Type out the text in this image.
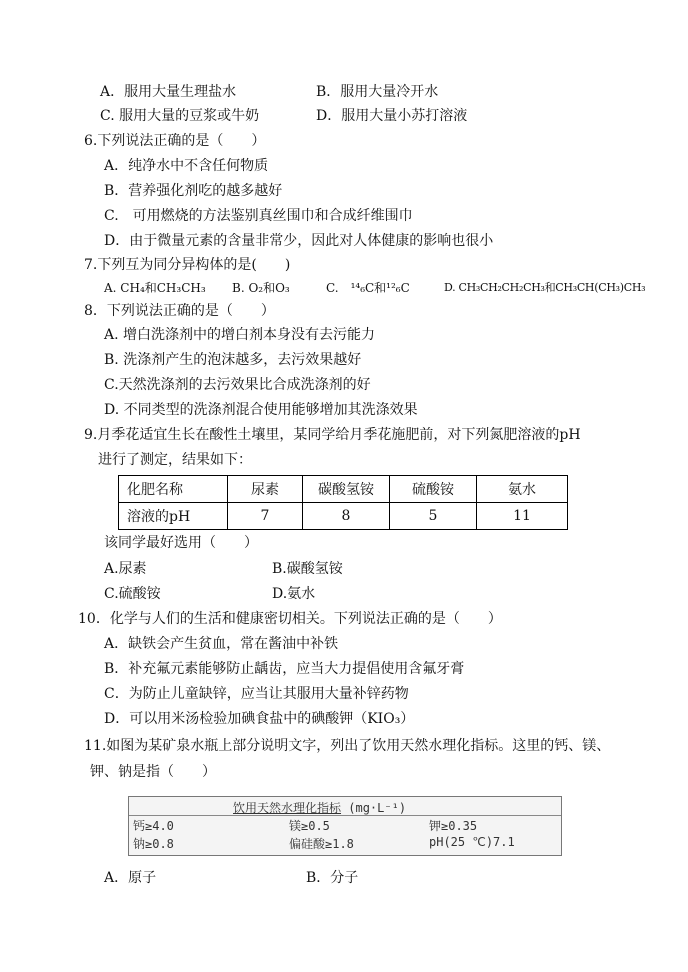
A．服用大量生理盐水	B．服用大量冷开水
C. 服用大量的豆浆或牛奶	D．服用大量小苏打溶液
6.下列说法正确的是（　　）
A．纯净水中不含任何物质
B．营养强化剂吃的越多越好
C.　可用燃烧的方法鉴别真丝围巾和合成纤维围巾
D．由于微量元素的含量非常少，因此对人体健康的影响也很小
7.下列互为同分异构体的是(　　)
A. CH₄和CH₃CH₃ B. O₂和O₃	C.　¹⁴₆C和¹²₆C	D. CH₃CH₂CH₂CH₃和CH₃CH(CH₃)CH₃
8．下列说法正确的是（　　）
A. 增白洗涤剂中的增白剂本身没有去污能力
B. 洗涤剂产生的泡沫越多，去污效果越好
C.天然洗涤剂的去污效果比合成洗涤剂的好
D. 不同类型的洗涤剂混合使用能够增加其洗涤效果
9.月季花适宜生长在酸性土壤里，某同学给月季花施肥前，对下列氮肥溶液的pH
进行了测定，结果如下：
化肥名称	尿素	碳酸氢铵	硫酸铵	氨水
溶液的pH	7	8	5	11
该同学最好选用（　　）
A.尿素	B.碳酸氢铵
C.硫酸铵	D.氨水
10．化学与人们的生活和健康密切相关。下列说法正确的是（　　）
A．缺铁会产生贫血，常在酱油中补铁
B．补充氟元素能够防止龋齿，应当大力提倡使用含氟牙膏
C．为防止儿童缺锌，应当让其服用大量补锌药物
D．可以用米汤检验加碘食盐中的碘酸钾（KIO₃）
11.如图为某矿泉水瓶上部分说明文字，列出了饮用天然水理化指标。这里的钙、镁、
钾、钠是指（　　）
饮用天然水理化指标 (mg·L⁻¹)
钙≥4.0	镁≥0.5	钾≥0.35
钠≥0.8	偏硅酸≥1.8	pH(25 ℃)7.1
A．原子	B．分子
